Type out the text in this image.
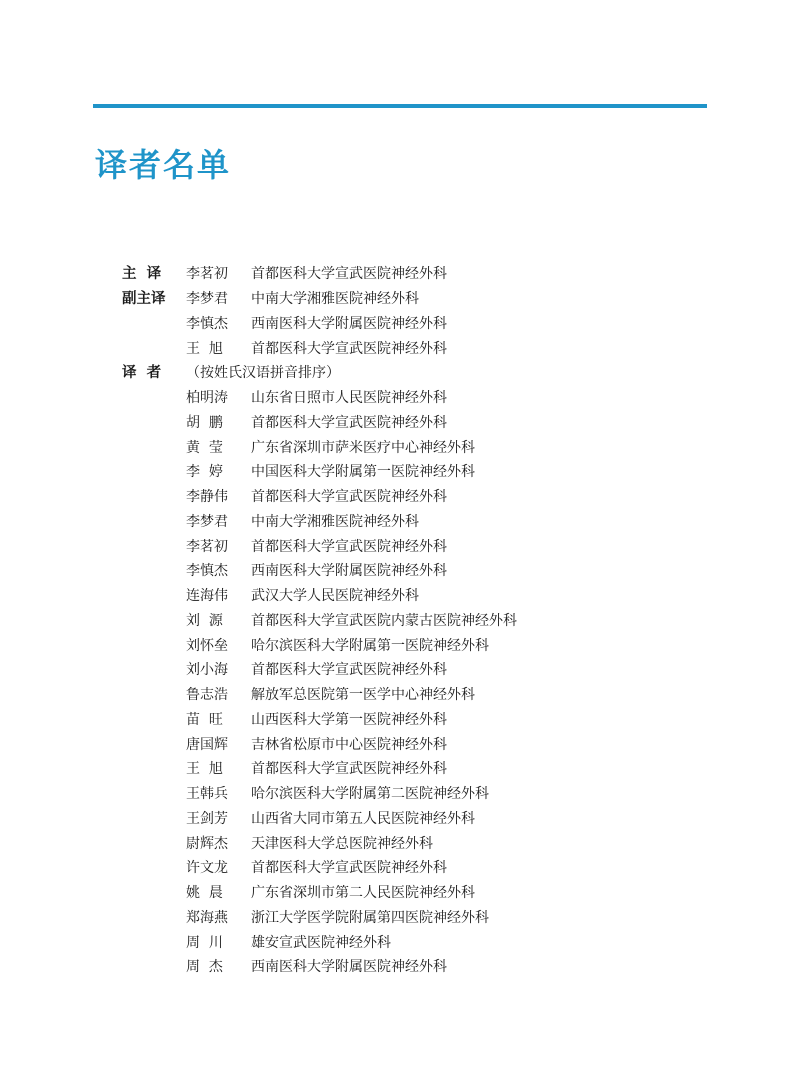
译者名单
主  译	李茗初	首都医科大学宣武医院神经外科
副主译	李梦君	中南大学湘雅医院神经外科
李慎杰	西南医科大学附属医院神经外科
王  旭	首都医科大学宣武医院神经外科
译  者	（按姓氏汉语拼音排序）
柏明涛	山东省日照市人民医院神经外科
胡  鹏	首都医科大学宣武医院神经外科
黄  莹	广东省深圳市萨米医疗中心神经外科
李  婷	中国医科大学附属第一医院神经外科
李静伟	首都医科大学宣武医院神经外科
李梦君	中南大学湘雅医院神经外科
李茗初	首都医科大学宣武医院神经外科
李慎杰	西南医科大学附属医院神经外科
连海伟	武汉大学人民医院神经外科
刘  源	首都医科大学宣武医院内蒙古医院神经外科
刘怀垒	哈尔滨医科大学附属第一医院神经外科
刘小海	首都医科大学宣武医院神经外科
鲁志浩	解放军总医院第一医学中心神经外科
苗  旺	山西医科大学第一医院神经外科
唐国辉	吉林省松原市中心医院神经外科
王  旭	首都医科大学宣武医院神经外科
王韩兵	哈尔滨医科大学附属第二医院神经外科
王剑芳	山西省大同市第五人民医院神经外科
尉辉杰	天津医科大学总医院神经外科
许文龙	首都医科大学宣武医院神经外科
姚  晨	广东省深圳市第二人民医院神经外科
郑海燕	浙江大学医学院附属第四医院神经外科
周  川	雄安宣武医院神经外科
周  杰	西南医科大学附属医院神经外科
